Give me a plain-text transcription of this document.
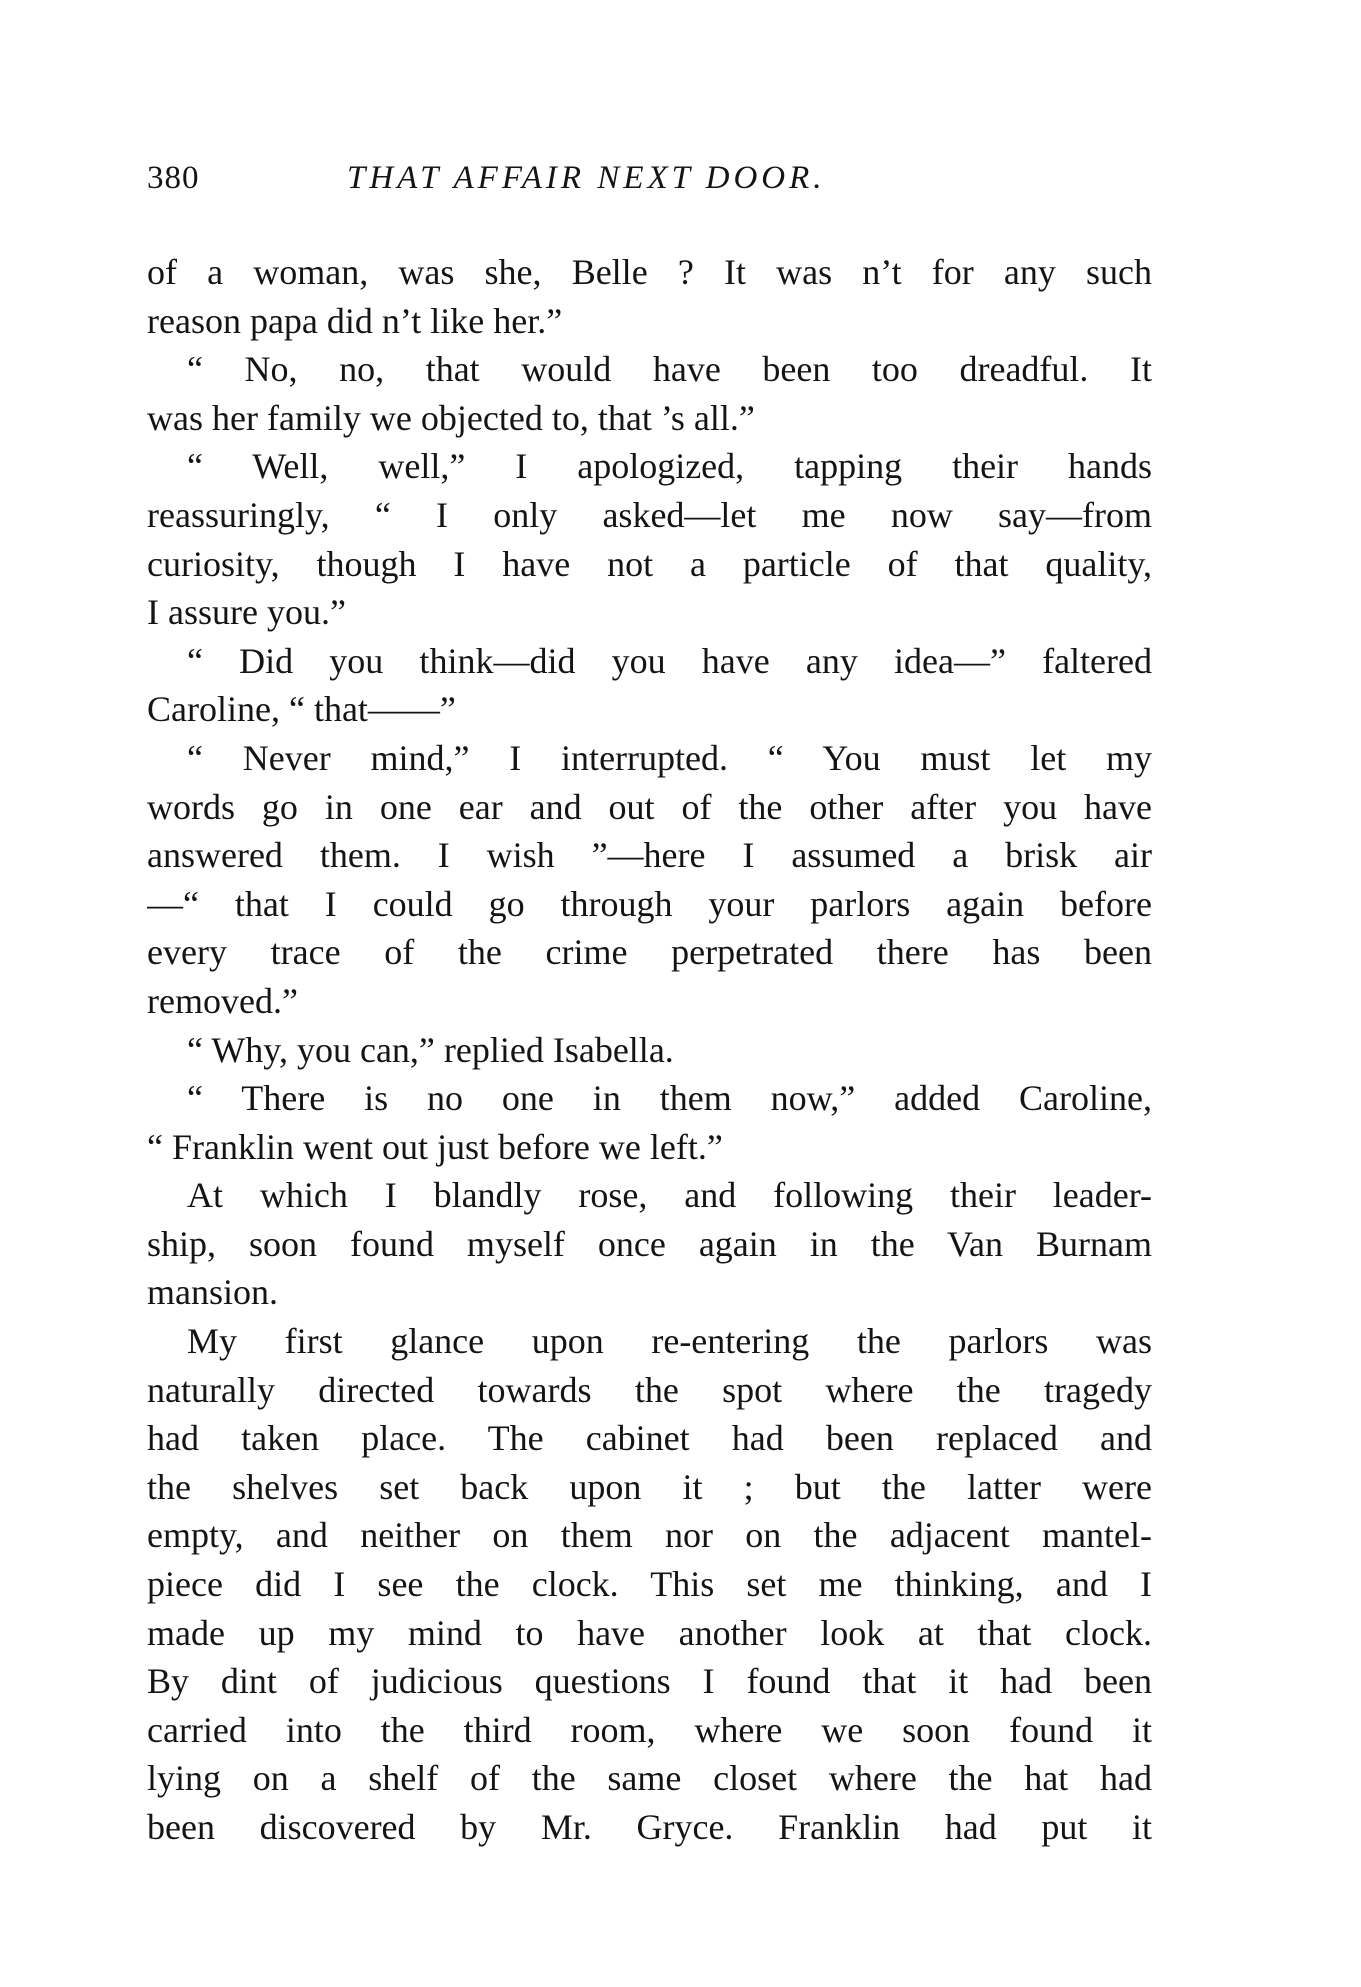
380	THAT AFFAIR NEXT DOOR.
of a woman, was she, Belle ? It was n’t for any such
reason papa did n’t like her.”
“ No, no, that would have been too dreadful. It
was her family we objected to, that ’s all.”
“ Well, well,” I apologized, tapping their hands
reassuringly, “ I only asked—let me now say—from
curiosity, though I have not a particle of that quality,
I assure you.”
“ Did you think—did you have any idea—” faltered
Caroline, “ that——”
“ Never mind,” I interrupted. “ You must let my
words go in one ear and out of the other after you have
answered them. I wish ”—here I assumed a brisk air
—“ that I could go through your parlors again before
every trace of the crime perpetrated there has been
removed.”
“ Why, you can,” replied Isabella.
“ There is no one in them now,” added Caroline,
“ Franklin went out just before we left.”
At which I blandly rose, and following their leader-
ship, soon found myself once again in the Van Burnam
mansion.
My first glance upon re-entering the parlors was
naturally directed towards the spot where the tragedy
had taken place. The cabinet had been replaced and
the shelves set back upon it ; but the latter were
empty, and neither on them nor on the adjacent mantel-
piece did I see the clock. This set me thinking, and I
made up my mind to have another look at that clock.
By dint of judicious questions I found that it had been
carried into the third room, where we soon found it
lying on a shelf of the same closet where the hat had
been discovered by Mr. Gryce. Franklin had put it
